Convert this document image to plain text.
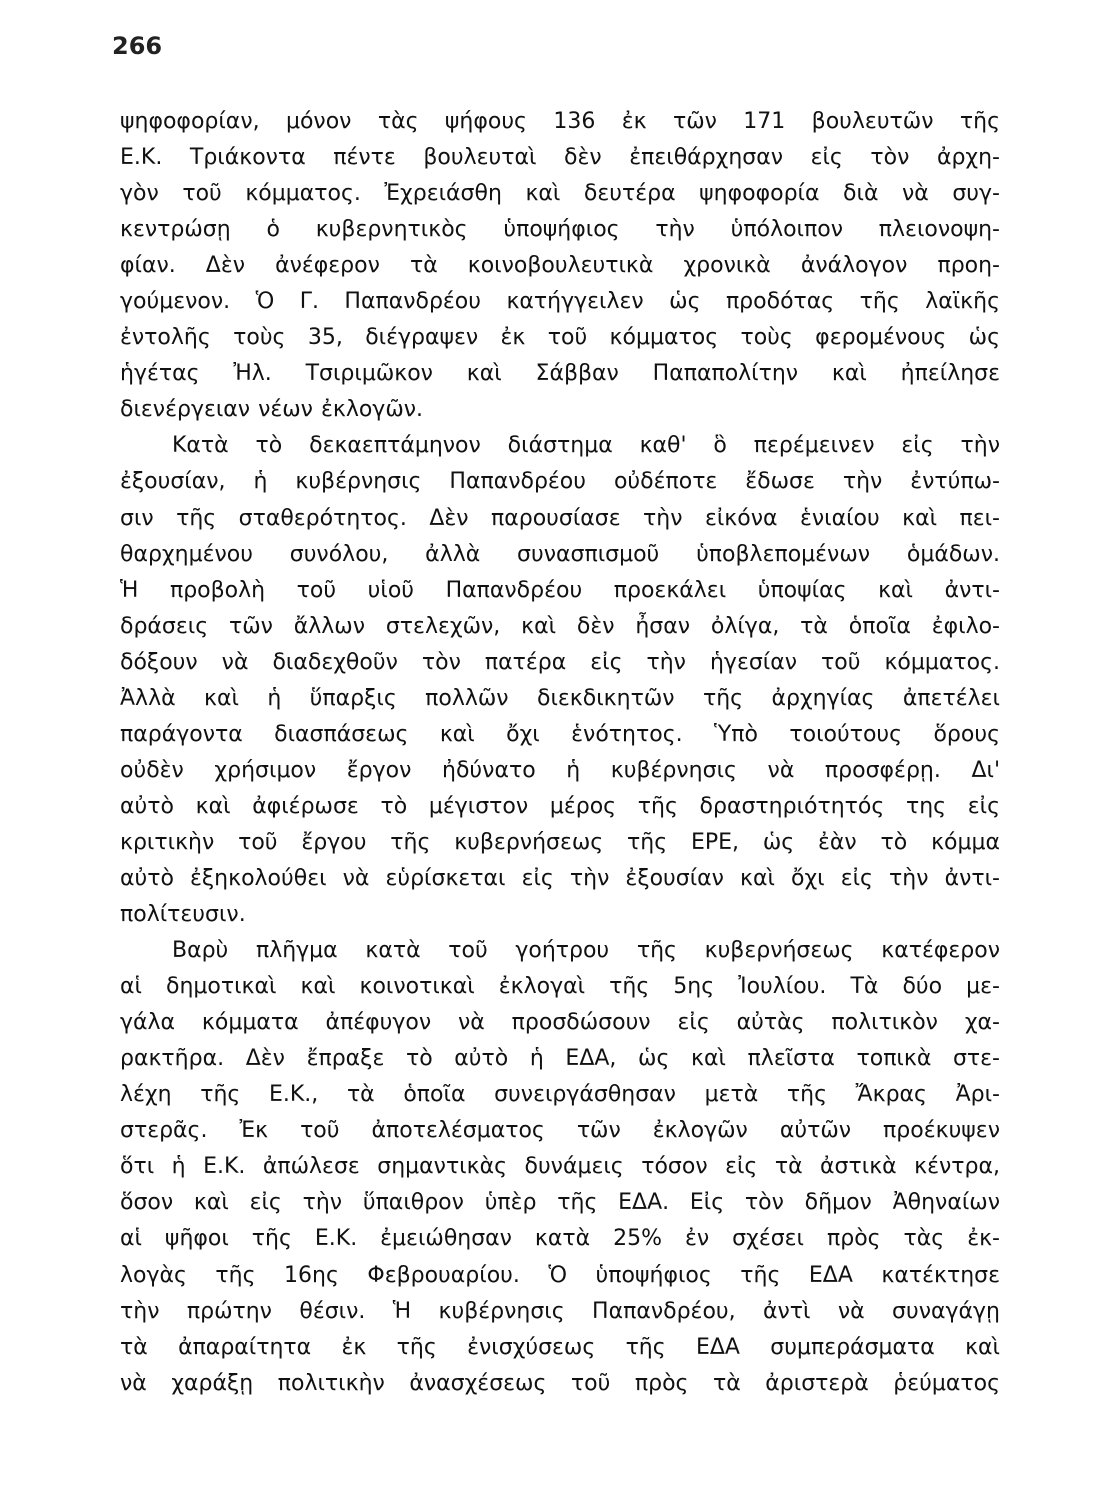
266
ψηφοφορίαν, μόνον τὰς ψήφους 136 ἐκ τῶν 171 βουλευτῶν τῆς
Ε.Κ. Τριάκοντα πέντε βουλευταὶ δὲν ἐπειθάρχησαν εἰς τὸν ἀρχη-
γὸν τοῦ κόμματος. Ἐχρειάσθη καὶ δευτέρα ψηφοφορία διὰ νὰ συγ-
κεντρώσῃ ὁ κυβερνητικὸς ὑποψήφιος τὴν ὑπόλοιπον πλειονοψη-
φίαν. Δὲν ἀνέφερον τὰ κοινοβουλευτικὰ χρονικὰ ἀνάλογον προη-
γούμενον. Ὁ Γ. Παπανδρέου κατήγγειλεν ὡς προδότας τῆς λαϊκῆς
ἐντολῆς τοὺς 35, διέγραψεν ἐκ τοῦ κόμματος τοὺς φερομένους ὡς
ἡγέτας Ἠλ. Τσιριμῶκον καὶ Σάββαν Παπαπολίτην καὶ ἠπείλησε
διενέργειαν νέων ἐκλογῶν.
Κατὰ τὸ δεκαεπτάμηνον διάστημα καθ' ὃ περέμεινεν εἰς τὴν
ἐξουσίαν, ἡ κυβέρνησις Παπανδρέου οὐδέποτε ἔδωσε τὴν ἐντύπω-
σιν τῆς σταθερότητος. Δὲν παρουσίασε τὴν εἰκόνα ἑνιαίου καὶ πει-
θαρχημένου συνόλου, ἀλλὰ συνασπισμοῦ ὑποβλεπομένων ὁμάδων.
Ἡ προβολὴ τοῦ υἱοῦ Παπανδρέου προεκάλει ὑποψίας καὶ ἀντι-
δράσεις τῶν ἄλλων στελεχῶν, καὶ δὲν ἦσαν ὀλίγα, τὰ ὁποῖα ἐφιλο-
δόξουν νὰ διαδεχθοῦν τὸν πατέρα εἰς τὴν ἡγεσίαν τοῦ κόμματος.
Ἀλλὰ καὶ ἡ ὕπαρξις πολλῶν διεκδικητῶν τῆς ἀρχηγίας ἀπετέλει
παράγοντα διασπάσεως καὶ ὄχι ἑνότητος. Ὑπὸ τοιούτους ὅρους
οὐδὲν χρήσιμον ἔργον ἠδύνατο ἡ κυβέρνησις νὰ προσφέρῃ. Δι'
αὐτὸ καὶ ἀφιέρωσε τὸ μέγιστον μέρος τῆς δραστηριότητός της εἰς
κριτικὴν τοῦ ἔργου τῆς κυβερνήσεως τῆς ΕΡΕ, ὡς ἐὰν τὸ κόμμα
αὐτὸ ἐξηκολούθει νὰ εὑρίσκεται εἰς τὴν ἐξουσίαν καὶ ὄχι εἰς τὴν ἀντι-
πολίτευσιν.
Βαρὺ πλῆγμα κατὰ τοῦ γοήτρου τῆς κυβερνήσεως κατέφερον
αἱ δημοτικαὶ καὶ κοινοτικαὶ ἐκλογαὶ τῆς 5ης Ἰουλίου. Τὰ δύο με-
γάλα κόμματα ἀπέφυγον νὰ προσδώσουν εἰς αὐτὰς πολιτικὸν χα-
ρακτῆρα. Δὲν ἔπραξε τὸ αὐτὸ ἡ ΕΔΑ, ὡς καὶ πλεῖστα τοπικὰ στε-
λέχη τῆς Ε.Κ., τὰ ὁποῖα συνειργάσθησαν μετὰ τῆς Ἄκρας Ἀρι-
στερᾶς. Ἐκ τοῦ ἀποτελέσματος τῶν ἐκλογῶν αὐτῶν προέκυψεν
ὅτι ἡ Ε.Κ. ἀπώλεσε σημαντικὰς δυνάμεις τόσον εἰς τὰ ἀστικὰ κέντρα,
ὅσον καὶ εἰς τὴν ὕπαιθρον ὑπὲρ τῆς ΕΔΑ. Εἰς τὸν δῆμον Ἀθηναίων
αἱ ψῆφοι τῆς Ε.Κ. ἐμειώθησαν κατὰ 25% ἐν σχέσει πρὸς τὰς ἐκ-
λογὰς τῆς 16ης Φεβρουαρίου. Ὁ ὑποψήφιος τῆς ΕΔΑ κατέκτησε
τὴν πρώτην θέσιν. Ἡ κυβέρνησις Παπανδρέου, ἀντὶ νὰ συναγάγῃ
τὰ ἀπαραίτητα ἐκ τῆς ἐνισχύσεως τῆς ΕΔΑ συμπεράσματα καὶ
νὰ χαράξῃ πολιτικὴν ἀνασχέσεως τοῦ πρὸς τὰ ἀριστερὰ ῥεύματος
